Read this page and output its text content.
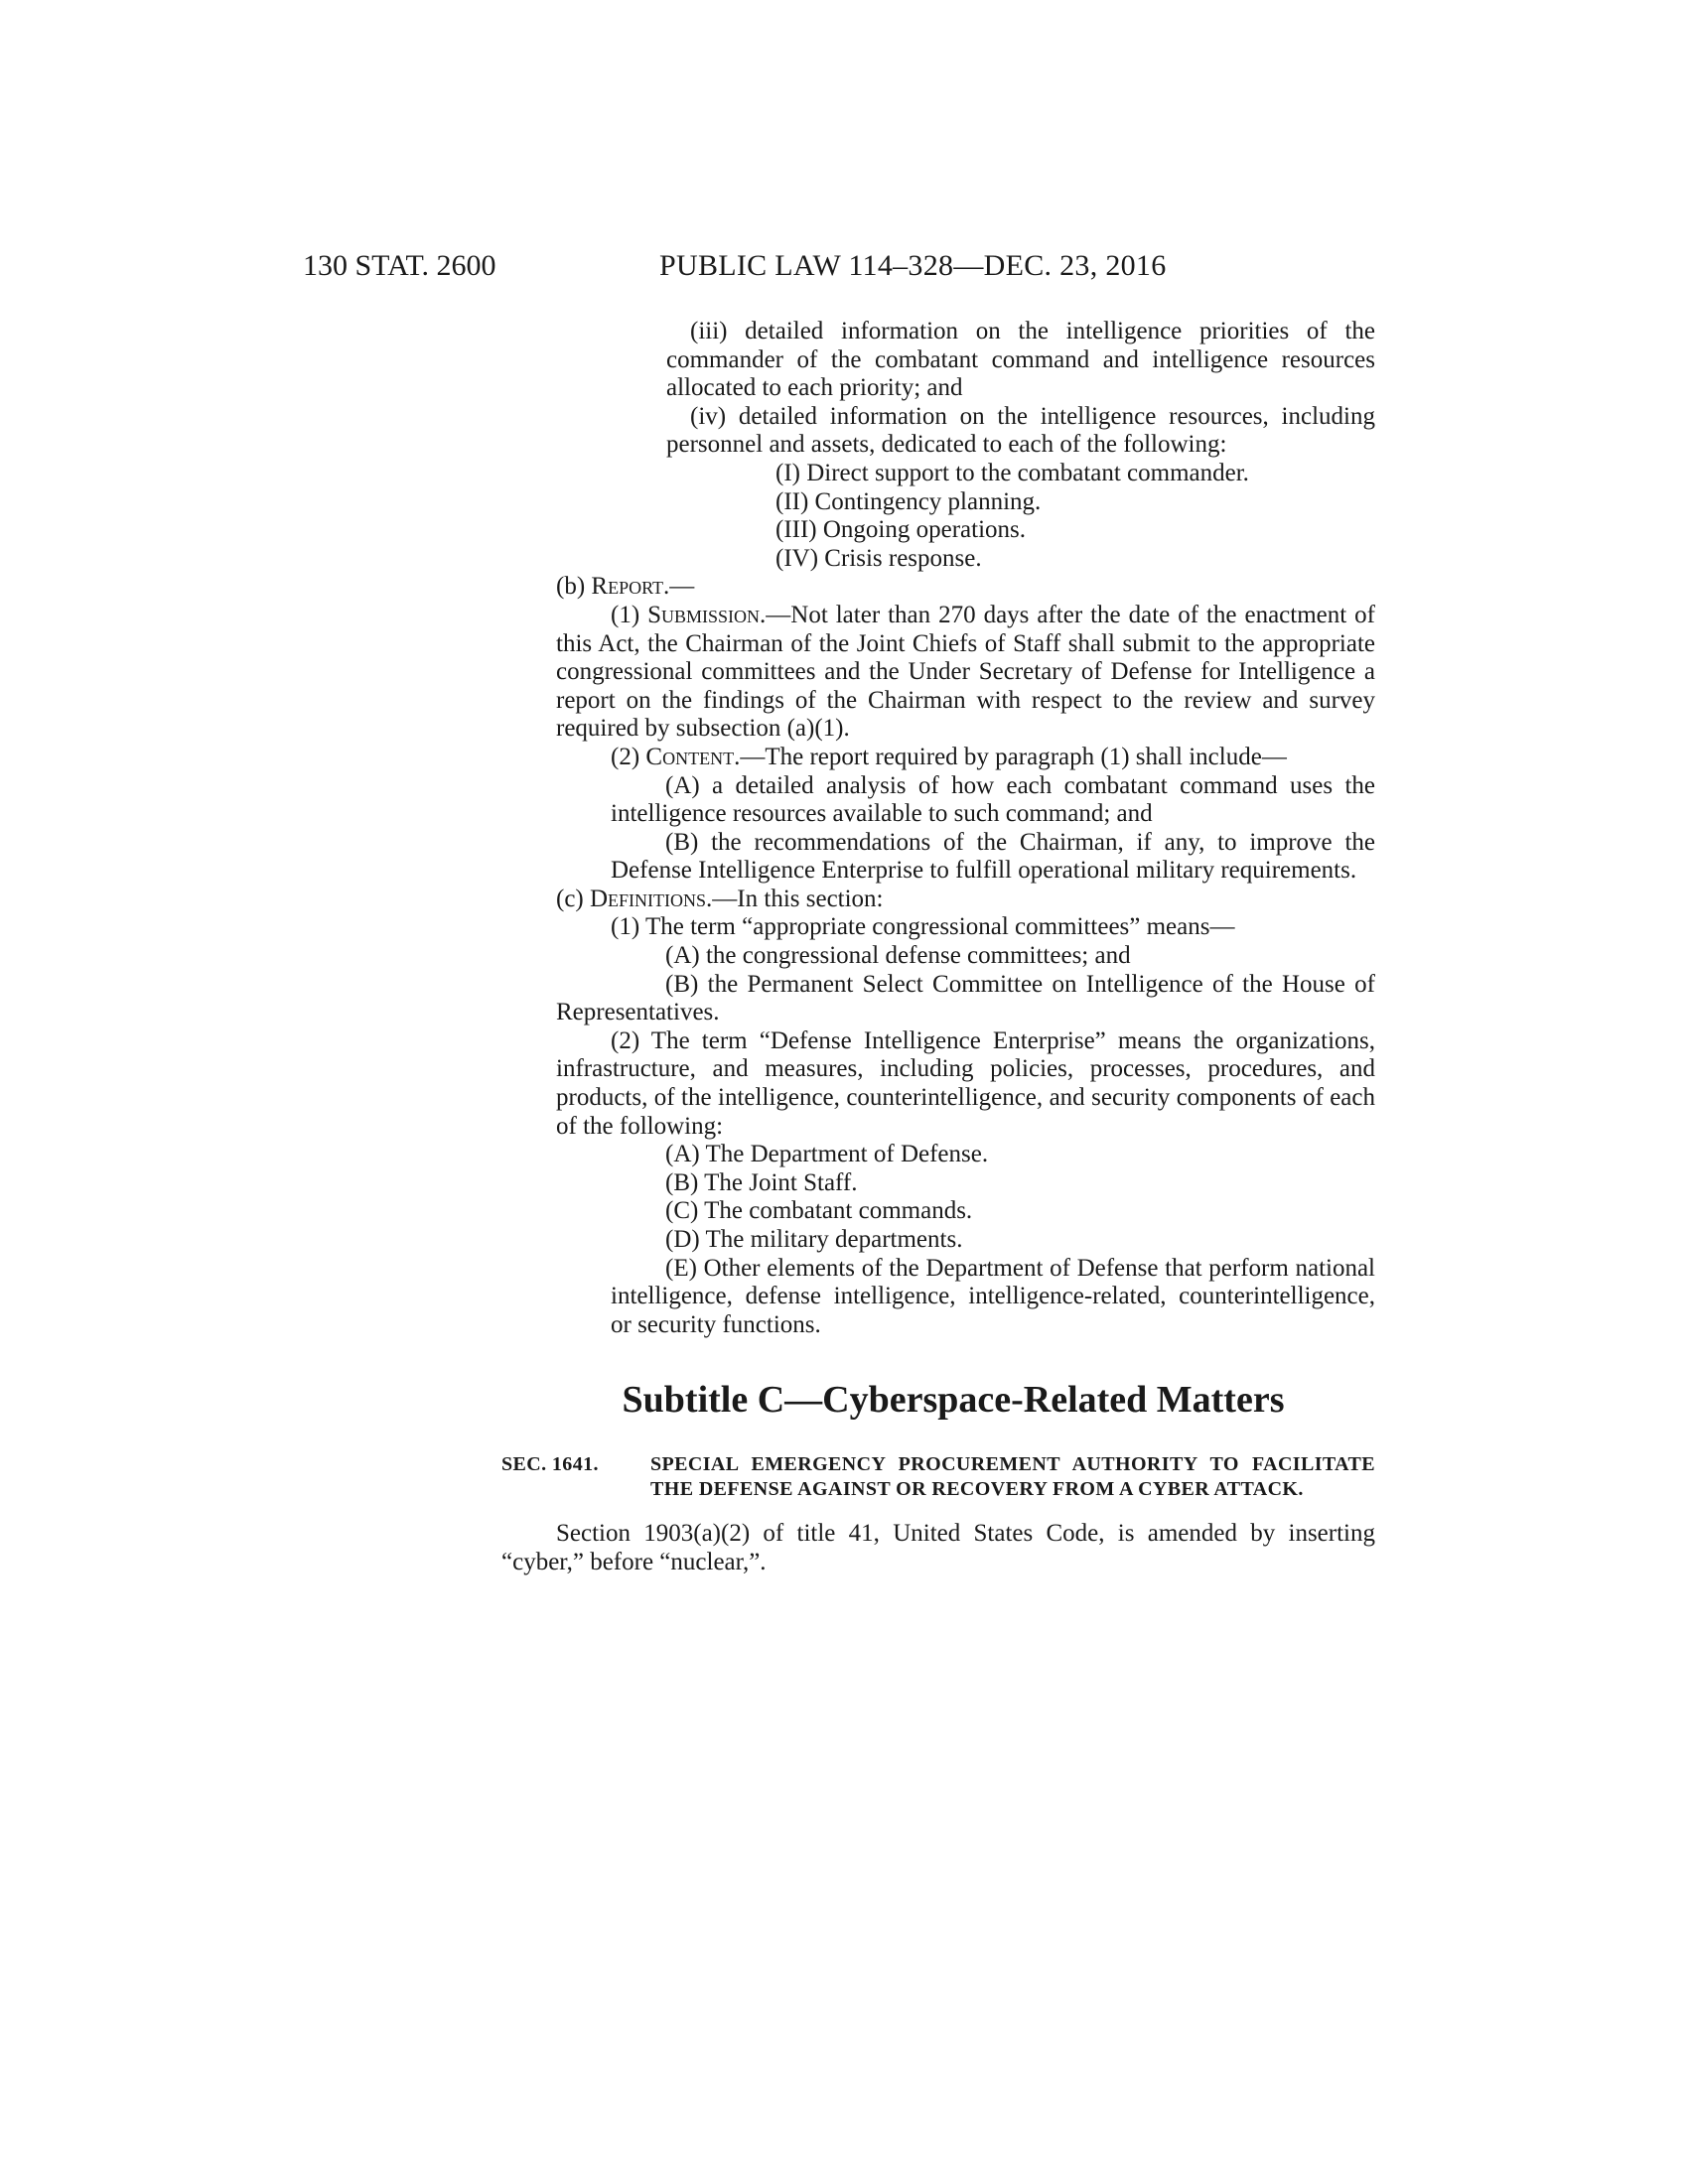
130 STAT. 2600	PUBLIC LAW 114–328—DEC. 23, 2016

(iii) detailed information on the intelligence priorities of the commander of the combatant command and intelligence resources allocated to each priority; and

(iv) detailed information on the intelligence resources, including personnel and assets, dedicated to each of the following:

(I) Direct support to the combatant commander.

(II) Contingency planning.

(III) Ongoing operations.

(IV) Crisis response.

(b) Report.—

(1) Submission.—Not later than 270 days after the date of the enactment of this Act, the Chairman of the Joint Chiefs of Staff shall submit to the appropriate congressional committees and the Under Secretary of Defense for Intelligence a report on the findings of the Chairman with respect to the review and survey required by subsection (a)(1).

(2) Content.—The report required by paragraph (1) shall include—

(A) a detailed analysis of how each combatant command uses the intelligence resources available to such command; and

(B) the recommendations of the Chairman, if any, to improve the Defense Intelligence Enterprise to fulfill operational military requirements.

(c) Definitions.—In this section:

(1) The term “appropriate congressional committees” means—

(A) the congressional defense committees; and

(B) the Permanent Select Committee on Intelligence of the House of Representatives.

(2) The term “Defense Intelligence Enterprise” means the organizations, infrastructure, and measures, including policies, processes, procedures, and products, of the intelligence, counterintelligence, and security components of each of the following:

(A) The Department of Defense.

(B) The Joint Staff.

(C) The combatant commands.

(D) The military departments.

(E) Other elements of the Department of Defense that perform national intelligence, defense intelligence, intelligence-related, counterintelligence, or security functions.

Subtitle C—Cyberspace-Related Matters
SEC. 1641.	SPECIAL EMERGENCY PROCUREMENT AUTHORITY TO FACILITATE THE DEFENSE AGAINST OR RECOVERY FROM A CYBER ATTACK.

Section 1903(a)(2) of title 41, United States Code, is amended by inserting “cyber,” before “nuclear,”.
